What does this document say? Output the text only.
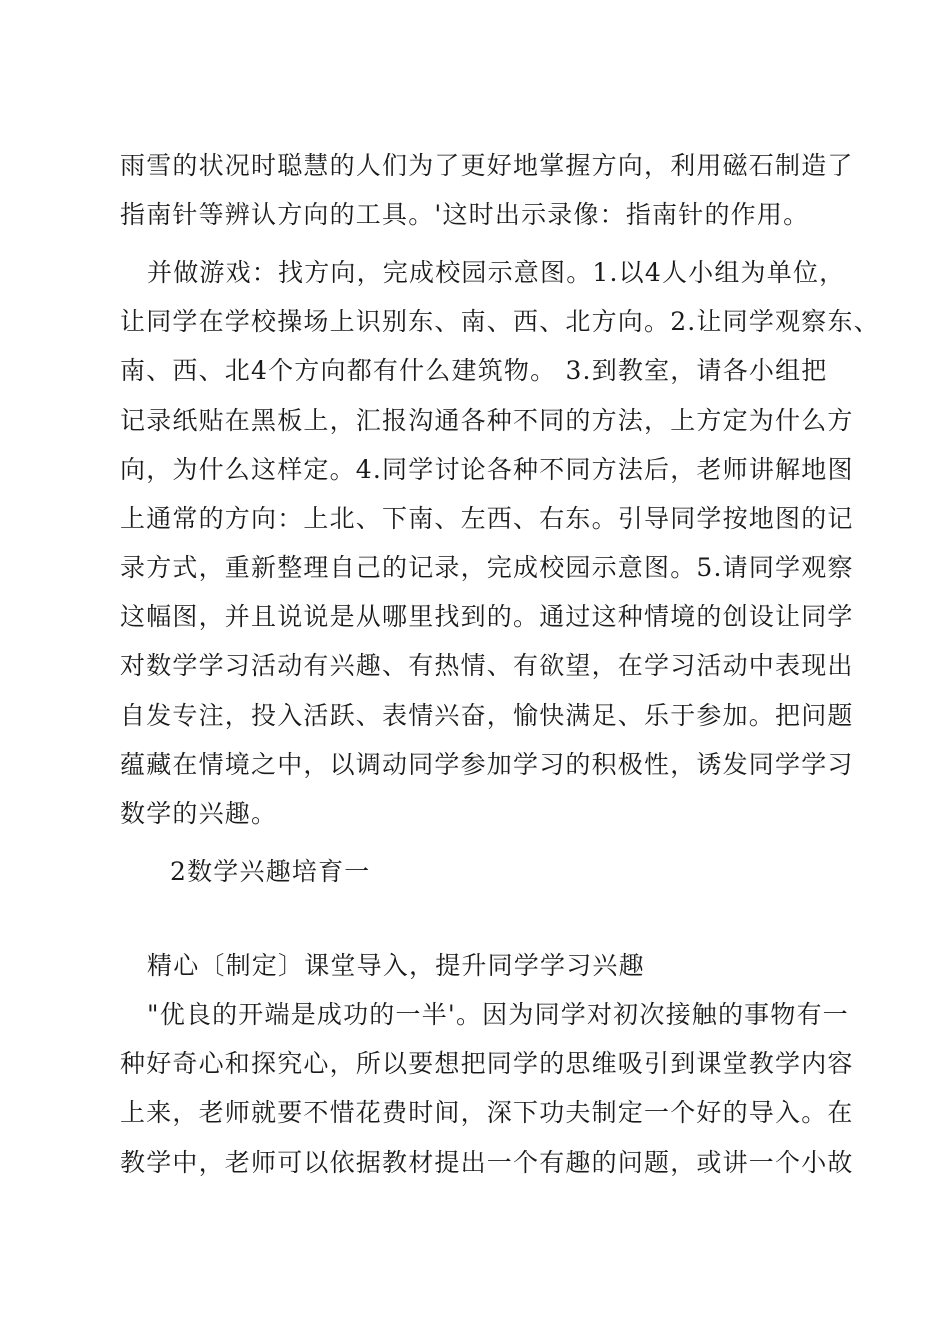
雨雪的状况时聪慧的人们为了更好地掌握方向，利用磁石制造了
指南针等辨认方向的工具。'这时出示录像：指南针的作用。
并做游戏：找方向，完成校园示意图。1.以4人小组为单位，
让同学在学校操场上识别东、南、西、北方向。2.让同学观察东、
南、西、北4个方向都有什么建筑物。 3.到教室，请各小组把
记录纸贴在黑板上，汇报沟通各种不同的方法，上方定为什么方
向，为什么这样定。4.同学讨论各种不同方法后，老师讲解地图
上通常的方向：上北、下南、左西、右东。引导同学按地图的记
录方式，重新整理自己的记录，完成校园示意图。5.请同学观察
这幅图，并且说说是从哪里找到的。通过这种情境的创设让同学
对数学学习活动有兴趣、有热情、有欲望，在学习活动中表现出
自发专注，投入活跃、表情兴奋，愉快满足、乐于参加。把问题
蕴藏在情境之中，以调动同学参加学习的积极性，诱发同学学习
数学的兴趣。
2数学兴趣培育一
精心〔制定〕课堂导入，提升同学学习兴趣
"优良的开端是成功的一半'。因为同学对初次接触的事物有一
种好奇心和探究心，所以要想把同学的思维吸引到课堂教学内容
上来，老师就要不惜花费时间，深下功夫制定一个好的导入。在
教学中，老师可以依据教材提出一个有趣的问题，或讲一个小故
